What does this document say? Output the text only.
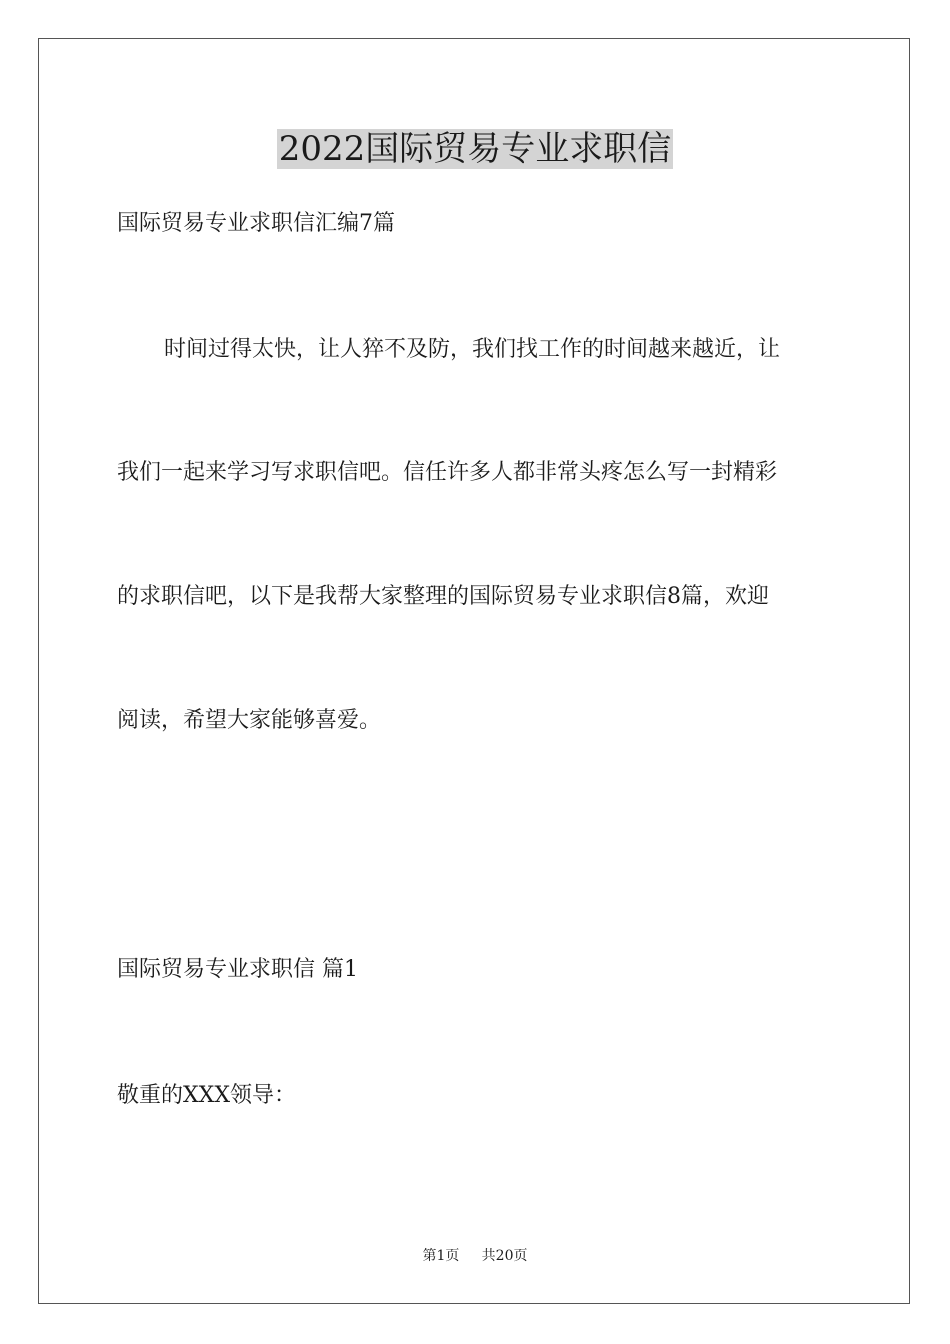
2022国际贸易专业求职信

国际贸易专业求职信汇编7篇

时间过得太快，让人猝不及防，我们找工作的时间越来越近，让

我们一起来学习写求职信吧。信任许多人都非常头疼怎么写一封精彩

的求职信吧，以下是我帮大家整理的国际贸易专业求职信8篇，欢迎

阅读，希望大家能够喜爱。

国际贸易专业求职信 篇1

敬重的XXX领导：

第1页 共20页
